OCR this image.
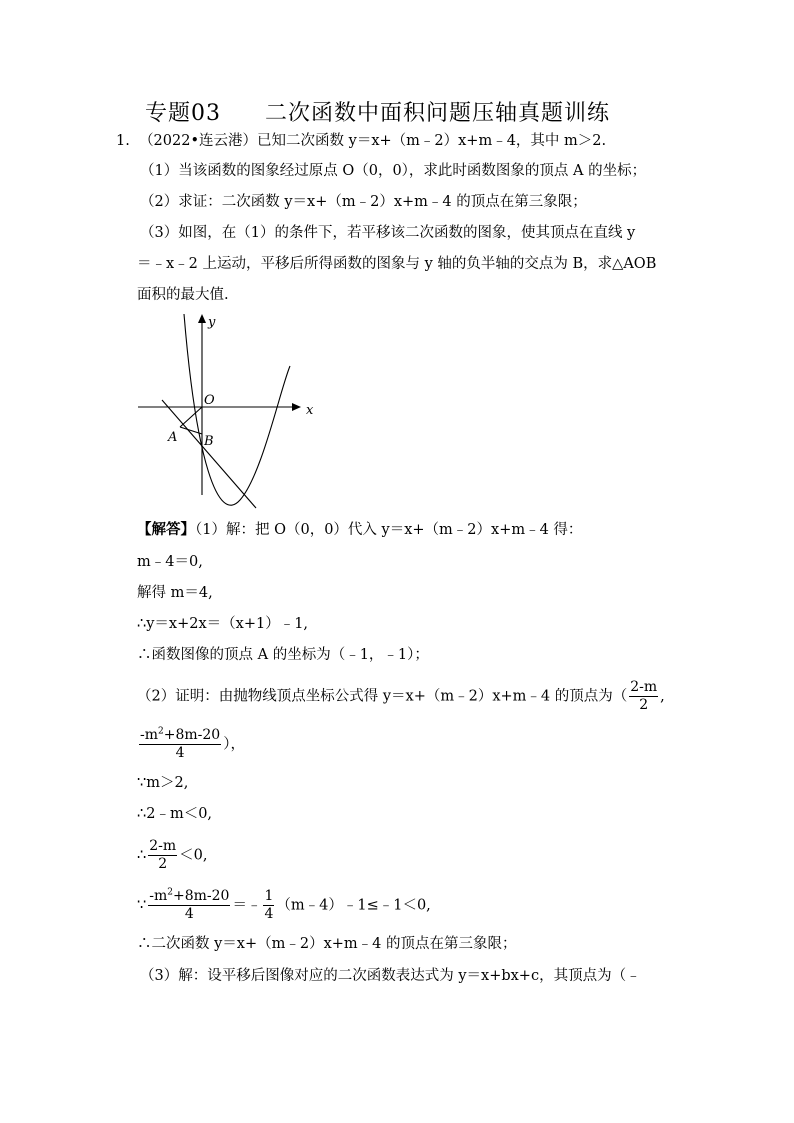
专题03 二次函数中面积问题压轴真题训练
1. （2022•连云港）已知二次函数 y＝x+（m﹣2）x+m﹣4，其中 m＞2.
（1）当该函数的图象经过原点 O（0，0），求此时函数图象的顶点 A 的坐标；
（2）求证：二次函数 y＝x+（m﹣2）x+m﹣4 的顶点在第三象限；
（3）如图，在（1）的条件下，若平移该二次函数的图象，使其顶点在直线 y
＝﹣x﹣2 上运动，平移后所得函数的图象与 y 轴的负半轴的交点为 B，求△AOB
面积的最大值.
y
x
O
A B
【解答】（1）解：把 O（0，0）代入 y＝x+（m﹣2）x+m﹣4 得：
m﹣4＝0,
解得 m＝4,
∴y＝x+2x＝（x+1）﹣1,
∴函数图像的顶点 A 的坐标为（﹣1，﹣1）；
（2）证明：由抛物线顶点坐标公式得 y＝x+（m﹣2）x+m﹣4 的顶点为（ $\frac{2-m}{2}$ ,
$\frac{-m^2+8m-20}{4}$ ），
∵m＞2,
∴2﹣m＜0,
∴ $\frac{2-m}{2} <0$,
∵ $\frac{-m^2+8m-20}{4}$ ＝﹣ $\frac{1}{4}$ （m﹣4）﹣1≤﹣1＜0,
∴二次函数 y＝x+（m﹣2）x+m﹣4 的顶点在第三象限；
（3）解：设平移后图像对应的二次函数表达式为 y＝x+bx+c，其顶点为（﹣
